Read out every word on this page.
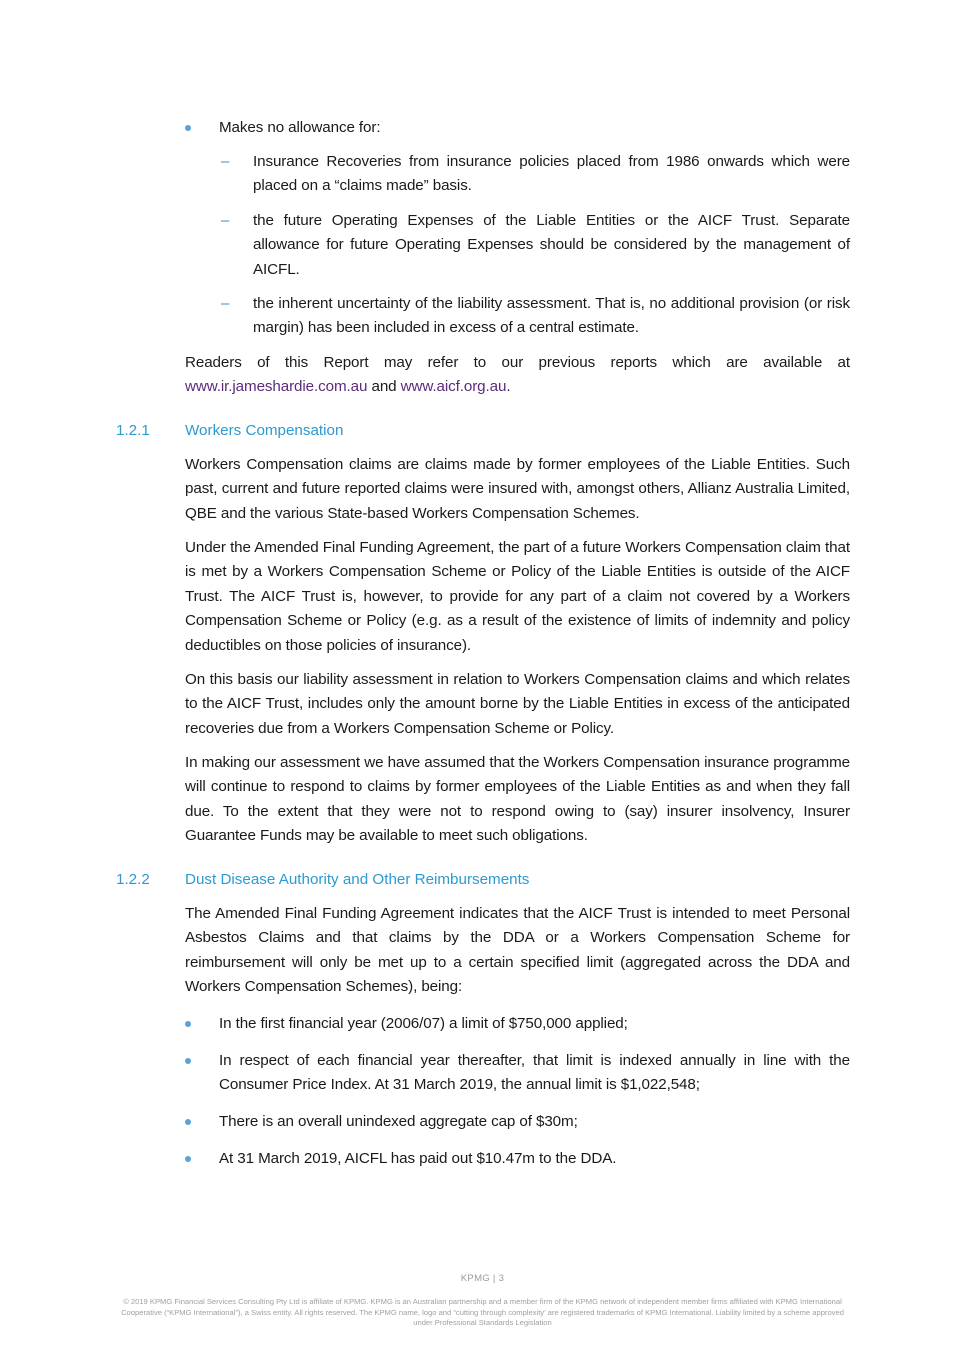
Makes no allowance for:
– Insurance Recoveries from insurance policies placed from 1986 onwards which were placed on a “claims made” basis.
– the future Operating Expenses of the Liable Entities or the AICF Trust. Separate allowance for future Operating Expenses should be considered by the management of AICFL.
– the inherent uncertainty of the liability assessment. That is, no additional provision (or risk margin) has been included in excess of a central estimate.
Readers of this Report may refer to our previous reports which are available at www.ir.jameshardie.com.au and www.aicf.org.au.
1.2.1 Workers Compensation
Workers Compensation claims are claims made by former employees of the Liable Entities. Such past, current and future reported claims were insured with, amongst others, Allianz Australia Limited, QBE and the various State-based Workers Compensation Schemes.
Under the Amended Final Funding Agreement, the part of a future Workers Compensation claim that is met by a Workers Compensation Scheme or Policy of the Liable Entities is outside of the AICF Trust. The AICF Trust is, however, to provide for any part of a claim not covered by a Workers Compensation Scheme or Policy (e.g. as a result of the existence of limits of indemnity and policy deductibles on those policies of insurance).
On this basis our liability assessment in relation to Workers Compensation claims and which relates to the AICF Trust, includes only the amount borne by the Liable Entities in excess of the anticipated recoveries due from a Workers Compensation Scheme or Policy.
In making our assessment we have assumed that the Workers Compensation insurance programme will continue to respond to claims by former employees of the Liable Entities as and when they fall due. To the extent that they were not to respond owing to (say) insurer insolvency, Insurer Guarantee Funds may be available to meet such obligations.
1.2.2 Dust Disease Authority and Other Reimbursements
The Amended Final Funding Agreement indicates that the AICF Trust is intended to meet Personal Asbestos Claims and that claims by the DDA or a Workers Compensation Scheme for reimbursement will only be met up to a certain specified limit (aggregated across the DDA and Workers Compensation Schemes), being:
In the first financial year (2006/07) a limit of $750,000 applied;
In respect of each financial year thereafter, that limit is indexed annually in line with the Consumer Price Index. At 31 March 2019, the annual limit is $1,022,548;
There is an overall unindexed aggregate cap of $30m;
At 31 March 2019, AICFL has paid out $10.47m to the DDA.
KPMG | 3
© 2019 KPMG Financial Services Consulting Pty Ltd is affiliate of KPMG. KPMG is an Australian partnership and a member firm of the KPMG network of independent member firms affiliated with KPMG International Cooperative (“KPMG International”), a Swiss entity. All rights reserved. The KPMG name, logo and “cutting through complexity’ are registered trademarks of KPMG International. Liability limited by a scheme approved under Professional Standards Legislation
